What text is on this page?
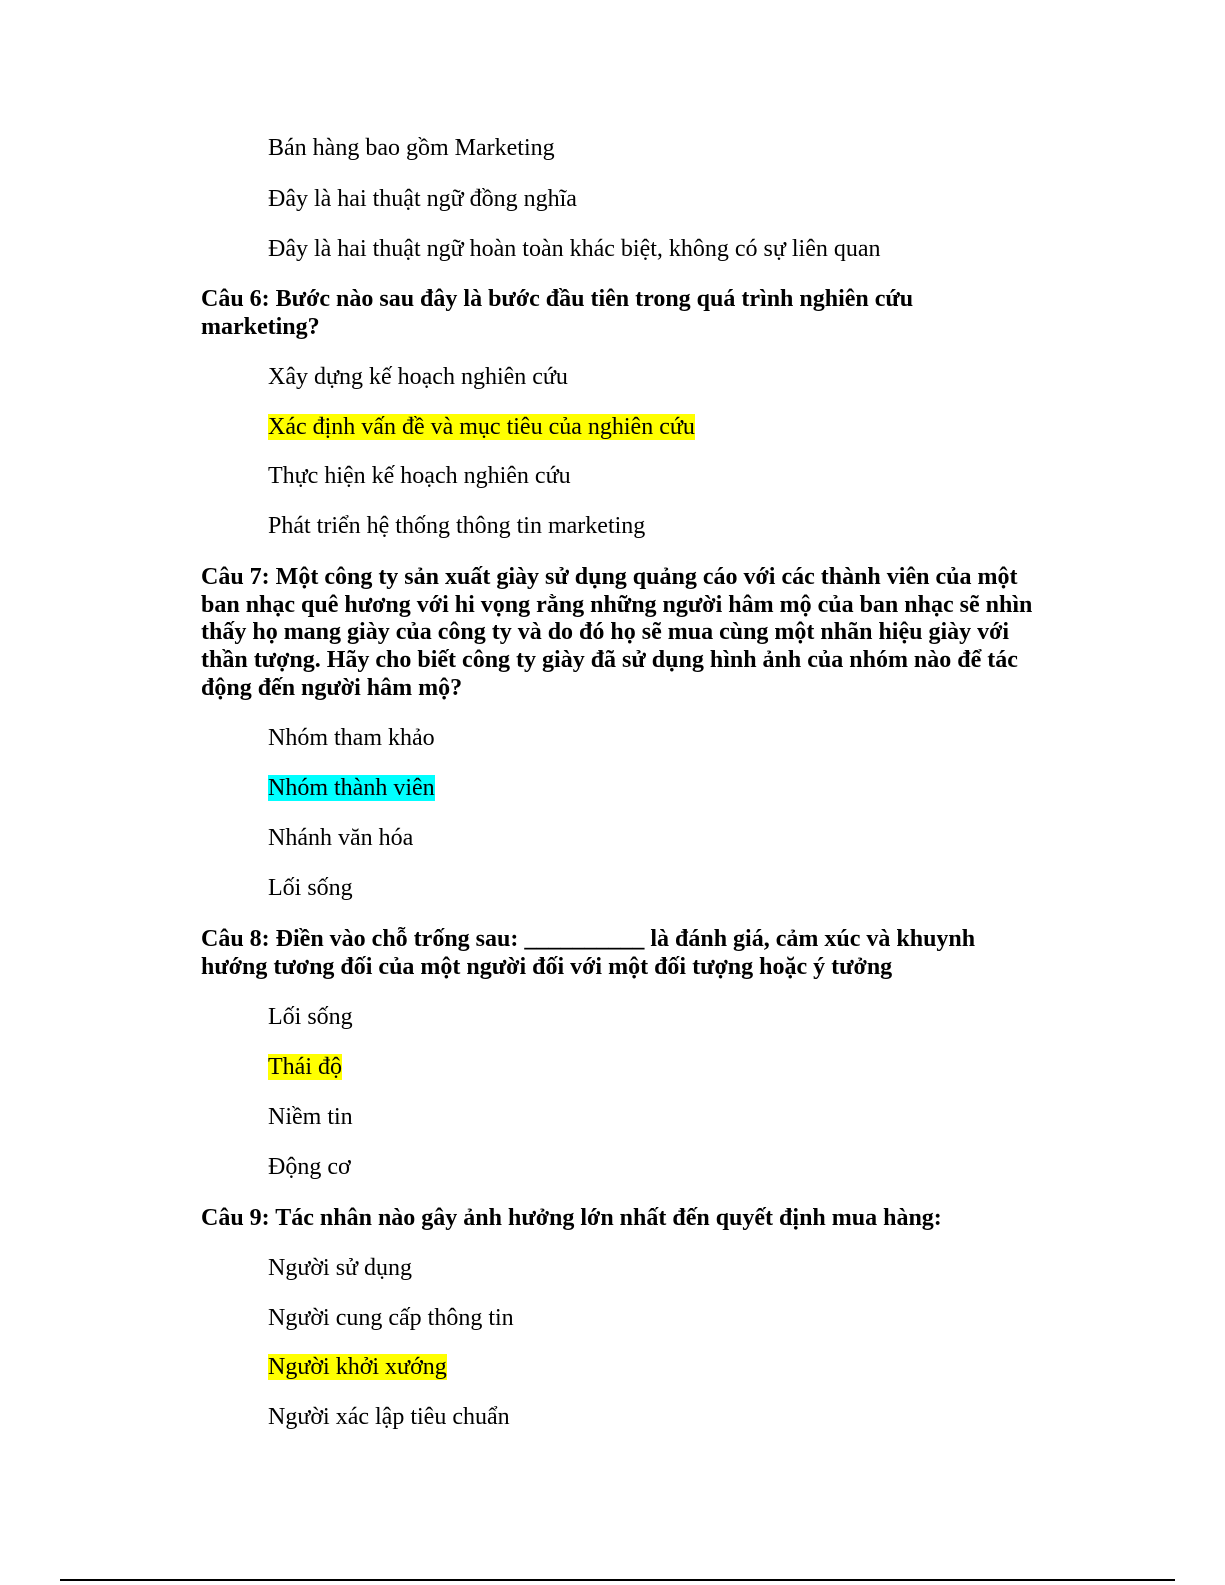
Bán hàng bao gồm Marketing
Đây là hai thuật ngữ đồng nghĩa
Đây là hai thuật ngữ hoàn toàn khác biệt, không có sự liên quan
Câu 6: Bước nào sau đây là bước đầu tiên trong quá trình nghiên cứu
marketing?
Xây dựng kế hoạch nghiên cứu
Xác định vấn đề và mục tiêu của nghiên cứu
Thực hiện kế hoạch nghiên cứu
Phát triển hệ thống thông tin marketing
Câu 7: Một công ty sản xuất giày sử dụng quảng cáo với các thành viên của một
ban nhạc quê hương với hi vọng rằng những người hâm mộ của ban nhạc sẽ nhìn
thấy họ mang giày của công ty và do đó họ sẽ mua cùng một nhãn hiệu giày với
thần tượng. Hãy cho biết công ty giày đã sử dụng hình ảnh của nhóm nào để tác
động đến người hâm mộ?
Nhóm tham khảo
Nhóm thành viên
Nhánh văn hóa
Lối sống
Câu 8: Điền vào chỗ trống sau: __________ là đánh giá, cảm xúc và khuynh
hướng tương đối của một người đối với một đối tượng hoặc ý tưởng
Lối sống
Thái độ
Niềm tin
Động cơ
Câu 9: Tác nhân nào gây ảnh hưởng lớn nhất đến quyết định mua hàng:
Người sử dụng
Người cung cấp thông tin
Người khởi xướng
Người xác lập tiêu chuẩn
